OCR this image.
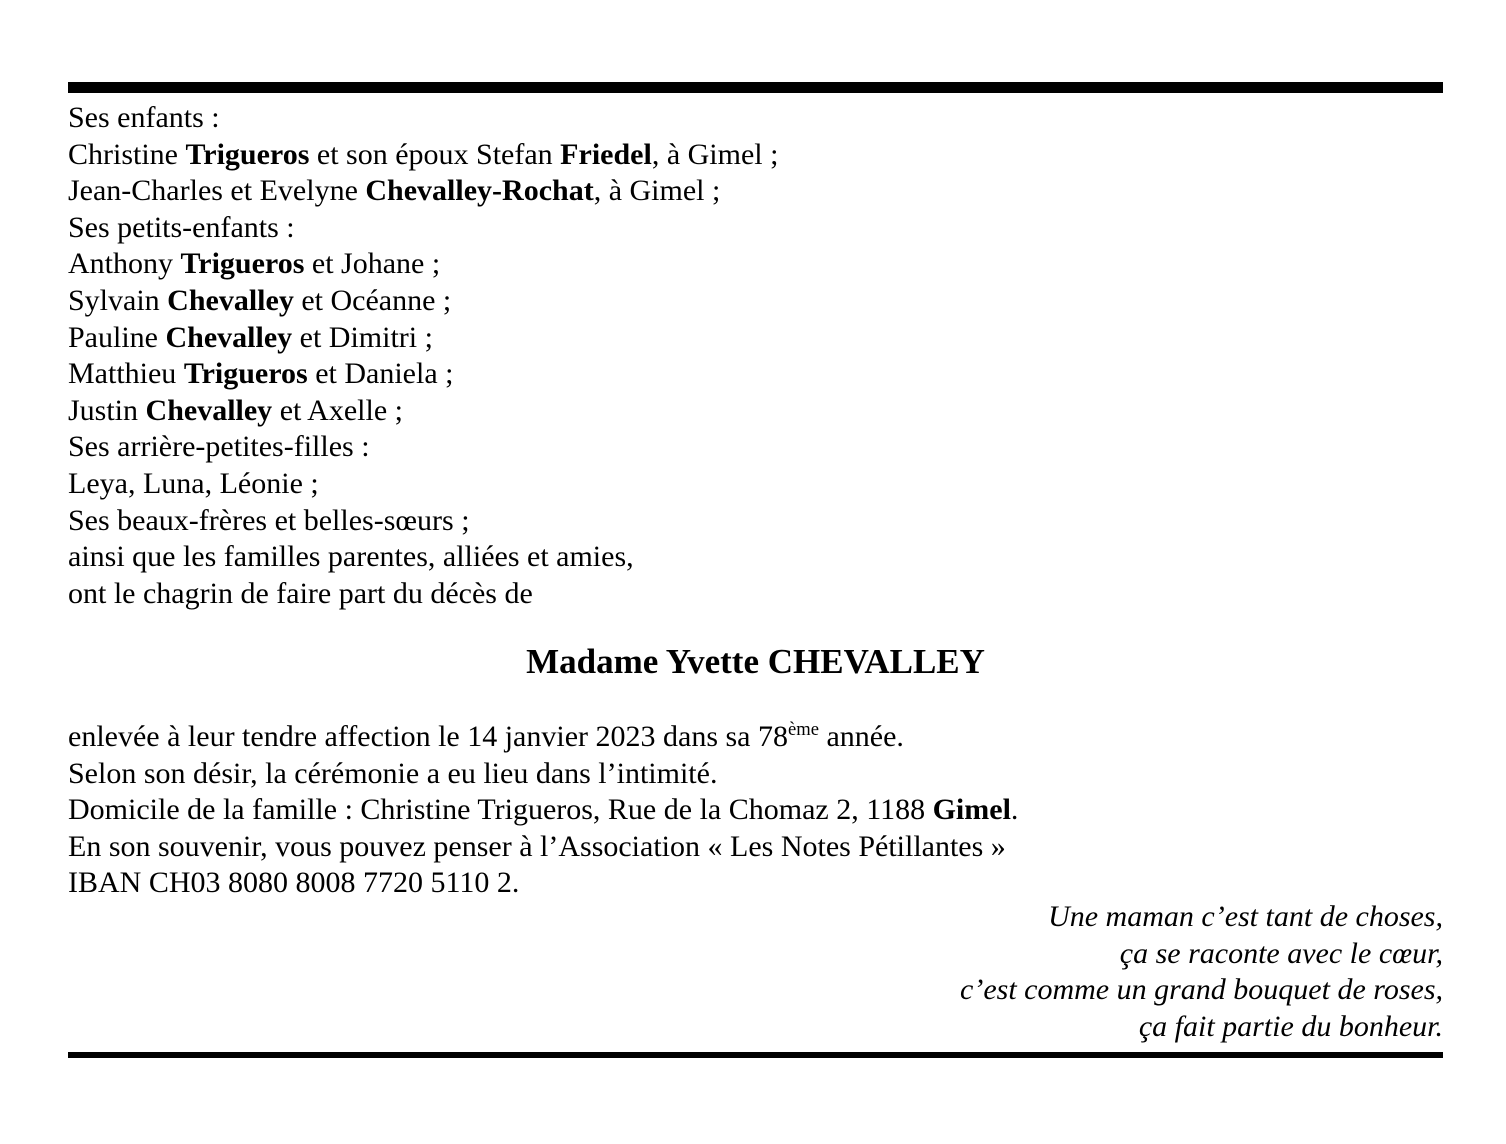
Ses enfants :
Christine Trigueros et son époux Stefan Friedel, à Gimel ;
Jean-Charles et Evelyne Chevalley-Rochat, à Gimel ;
Ses petits-enfants :
Anthony Trigueros et Johane ;
Sylvain Chevalley et Océanne ;
Pauline Chevalley et Dimitri ;
Matthieu Trigueros et Daniela ;
Justin Chevalley et Axelle ;
Ses arrière-petites-filles :
Leya, Luna, Léonie ;
Ses beaux-frères et belles-sœurs ;
ainsi que les familles parentes, alliées et amies,
ont le chagrin de faire part du décès de
Madame Yvette CHEVALLEY
enlevée à leur tendre affection le 14 janvier 2023 dans sa 78ème année.
Selon son désir, la cérémonie a eu lieu dans l’intimité.
Domicile de la famille : Christine Trigueros, Rue de la Chomaz 2, 1188 Gimel.
En son souvenir, vous pouvez penser à l’Association « Les Notes Pétillantes »
IBAN CH03 8080 8008 7720 5110 2.
Une maman c’est tant de choses,
ça se raconte avec le cœur,
c’est comme un grand bouquet de roses,
ça fait partie du bonheur.
